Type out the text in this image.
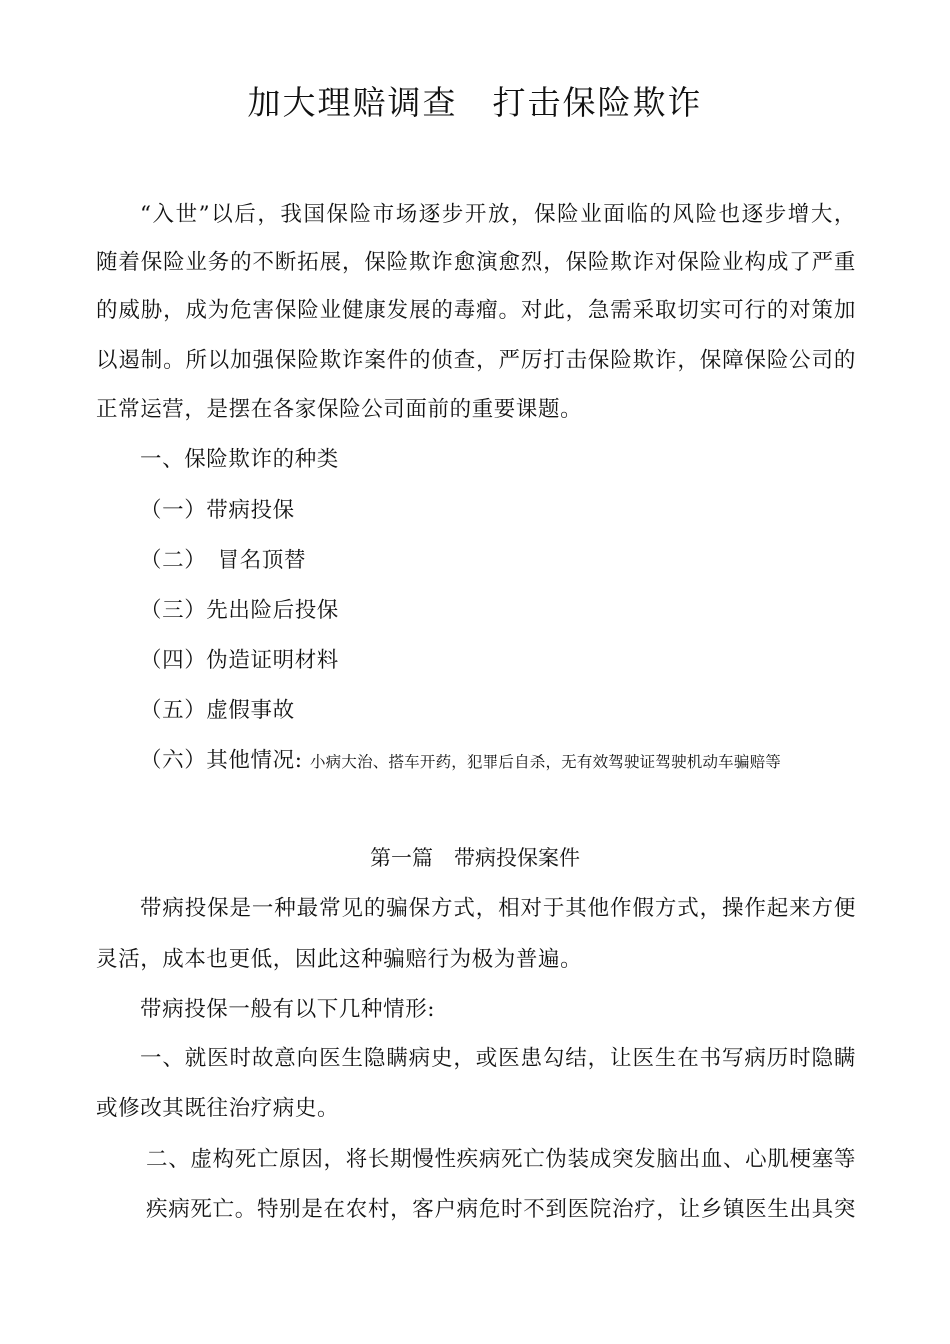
加大理赔调查　打击保险欺诈
“入世”以后，我国保险市场逐步开放，保险业面临的风险也逐步增大，
随着保险业务的不断拓展，保险欺诈愈演愈烈，保险欺诈对保险业构成了严重
的威胁，成为危害保险业健康发展的毒瘤。对此，急需采取切实可行的对策加
以遏制。所以加强保险欺诈案件的侦查，严厉打击保险欺诈，保障保险公司的
正常运营，是摆在各家保险公司面前的重要课题。
一、保险欺诈的种类
（一）带病投保
（二）　冒名顶替
（三）先出险后投保
（四）伪造证明材料
（五）虚假事故
（六）其他情况: 小病大治、搭车开药，犯罪后自杀，无有效驾驶证驾驶机动车骗赔等
第一篇　带病投保案件
带病投保是一种最常见的骗保方式，相对于其他作假方式，操作起来方便
灵活，成本也更低，因此这种骗赔行为极为普遍。
带病投保一般有以下几种情形:
一、就医时故意向医生隐瞒病史，或医患勾结，让医生在书写病历时隐瞒
或修改其既往治疗病史。
二、虚构死亡原因，将长期慢性疾病死亡伪装成突发脑出血、心肌梗塞等
疾病死亡。特别是在农村，客户病危时不到医院治疗，让乡镇医生出具突
